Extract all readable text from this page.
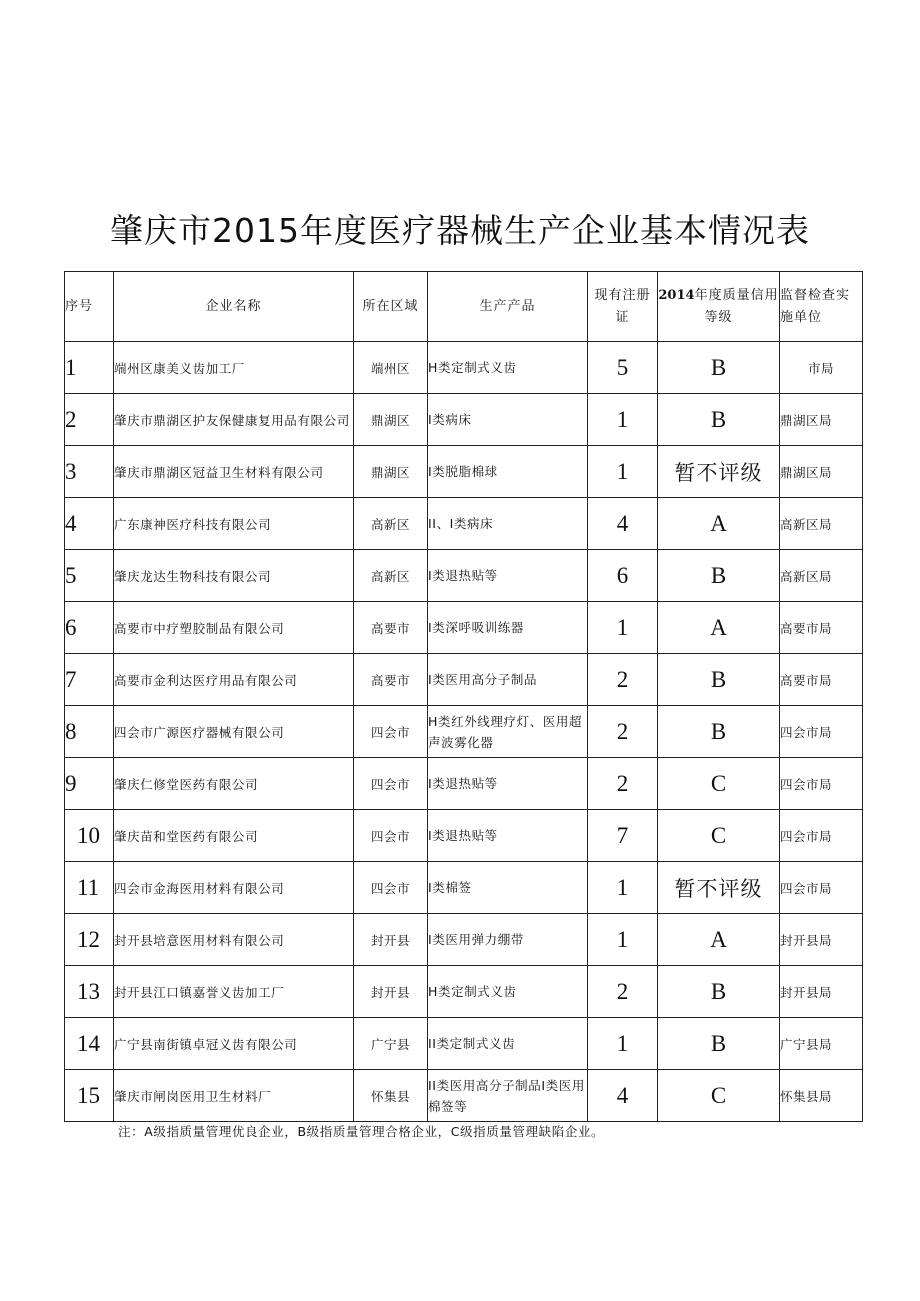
肇庆市2015年度医疗器械生产企业基本情况表
序号	企业名称	所在区域	生产产品	现有注册证	2014年度质量信用等级	监督检查实施单位
1	端州区康美义齿加工厂	端州区	H类定制式义齿	5	B	市局
2	肇庆市鼎湖区护友保健康复用品有限公司	鼎湖区	I类病床	1	B	鼎湖区局
3	肇庆市鼎湖区冠益卫生材料有限公司	鼎湖区	I类脱脂棉球	1	暂不评级	鼎湖区局
4	广东康神医疗科技有限公司	高新区	II、I类病床	4	A	高新区局
5	肇庆龙达生物科技有限公司	高新区	I类退热贴等	6	B	高新区局
6	高要市中疗塑胶制品有限公司	高要市	I类深呼吸训练器	1	A	高要市局
7	高要市金利达医疗用品有限公司	高要市	I类医用高分子制品	2	B	高要市局
8	四会市广源医疗器械有限公司	四会市	H类红外线理疗灯、医用超声波雾化器	2	B	四会市局
9	肇庆仁修堂医药有限公司	四会市	I类退热贴等	2	C	四会市局
10	肇庆苗和堂医药有限公司	四会市	I类退热贴等	7	C	四会市局
11	四会市金海医用材料有限公司	四会市	I类棉签	1	暂不评级	四会市局
12	封开县培意医用材料有限公司	封开县	I类医用弹力绷带	1	A	封开县局
13	封开县江口镇嘉誉义齿加工厂	封开县	H类定制式义齿	2	B	封开县局
14	广宁县南街镇卓冠义齿有限公司	广宁县	II类定制式义齿	1	B	广宁县局
15	肇庆市闸岗医用卫生材料厂	怀集县	II类医用高分子制品I类医用棉签等	4	C	怀集县局
注：A级指质量管理优良企业，B级指质量管理合格企业，C级指质量管理缺陷企业。
